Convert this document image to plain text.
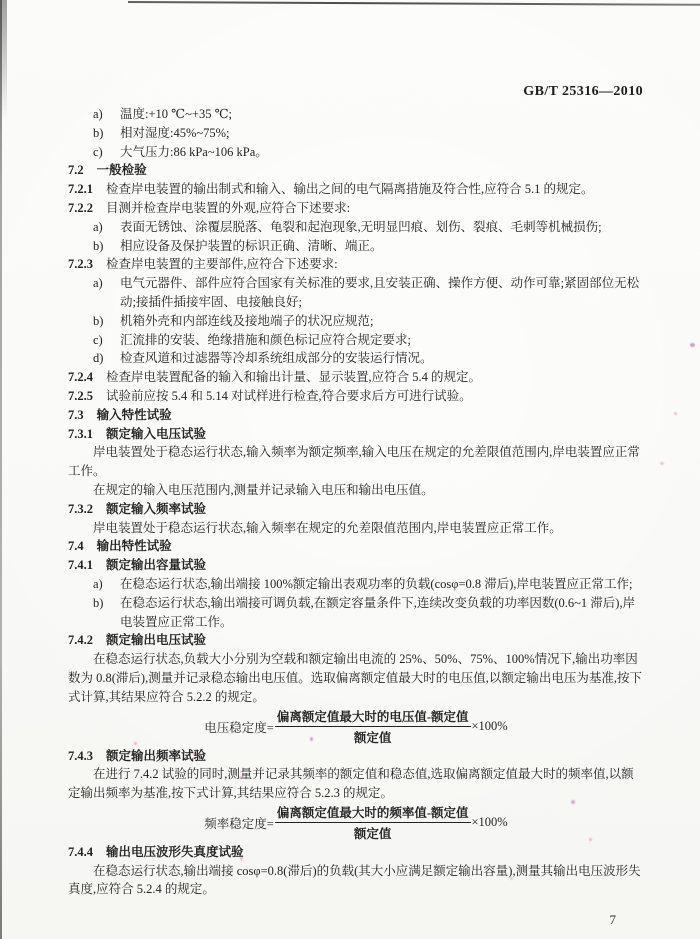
GB/T 25316—2010
a)	温度:+10 ℃~+35 ℃;
b)	相对湿度:45%~75%;
c)	大气压力:86 kPa~106 kPa。
7.2 一般检验
7.2.1 检查岸电装置的输出制式和输入、输出之间的电气隔离措施及符合性,应符合 5.1 的规定。
7.2.2 目测并检查岸电装置的外观,应符合下述要求:
a)	表面无锈蚀、涂覆层脱落、龟裂和起泡现象,无明显凹痕、划伤、裂痕、毛刺等机械损伤;
b)	相应设备及保护装置的标识正确、清晰、端正。
7.2.3 检查岸电装置的主要部件,应符合下述要求:
a)	电气元器件、部件应符合国家有关标准的要求,且安装正确、操作方便、动作可靠;紧固部位无松动;接插件插接牢固、电接触良好;
b)	机箱外壳和内部连线及接地端子的状况应规范;
c)	汇流排的安装、绝缘措施和颜色标记应符合规定要求;
d)	检查风道和过滤器等冷却系统组成部分的安装运行情况。
7.2.4 检查岸电装置配备的输入和输出计量、显示装置,应符合 5.4 的规定。
7.2.5 试验前应按 5.4 和 5.14 对试样进行检查,符合要求后方可进行试验。
7.3 输入特性试验
7.3.1 额定输入电压试验
岸电装置处于稳态运行状态,输入频率为额定频率,输入电压在规定的允差限值范围内,岸电装置应正常工作。
在规定的输入电压范围内,测量并记录输入电压和输出电压值。
7.3.2 额定输入频率试验
岸电装置处于稳态运行状态,输入频率在规定的允差限值范围内,岸电装置应正常工作。
7.4 输出特性试验
7.4.1 额定输出容量试验
a)	在稳态运行状态,输出端接 100%额定输出表观功率的负载(cosφ=0.8 滞后),岸电装置应正常工作;
b)	在稳态运行状态,输出端接可调负载,在额定容量条件下,连续改变负载的功率因数(0.6~1 滞后),岸电装置应正常工作。
7.4.2 额定输出电压试验
在稳态运行状态,负载大小分别为空载和额定输出电流的 25%、50%、75%、100%情况下,输出功率因数为 0.8(滞后),测量并记录稳态输出电压值。选取偏离额定值最大时的电压值,以额定输出电压为基准,按下式计算,其结果应符合 5.2.2 的规定。
电压稳定度= $\frac{\text{偏离额定值最大时的电压值-额定值}}{\text{额定值}} \times 100\%$
7.4.3 额定输出频率试验
在进行 7.4.2 试验的同时,测量并记录其频率的额定值和稳态值,选取偏离额定值最大时的频率值,以额定输出频率为基准,按下式计算,其结果应符合 5.2.3 的规定。
频率稳定度= $\frac{\text{偏离额定值最大时的频率值-额定值}}{\text{额定值}} \times 100\%$
7.4.4 输出电压波形失真度试验
在稳态运行状态,输出端接 cosφ=0.8(滞后)的负载(其大小应满足额定输出容量),测量其输出电压波形失真度,应符合 5.2.4 的规定。
7
